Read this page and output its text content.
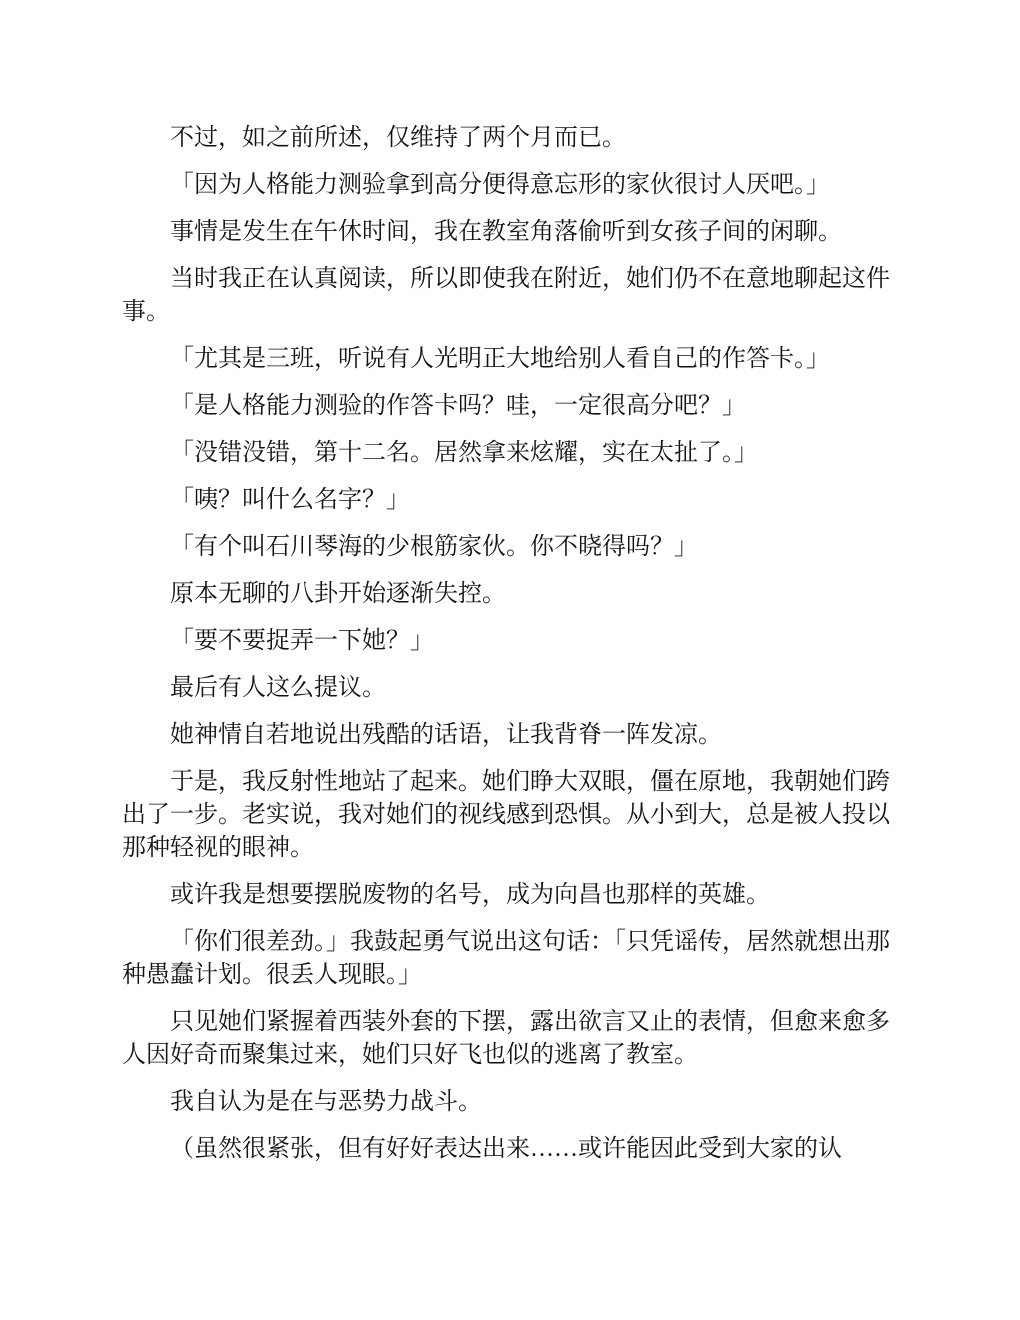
不过，如之前所述，仅维持了两个月而已。

「因为人格能力测验拿到高分便得意忘形的家伙很讨人厌吧。」

事情是发生在午休时间，我在教室角落偷听到女孩子间的闲聊。

当时我正在认真阅读，所以即使我在附近，她们仍不在意地聊起这件事。

「尤其是三班，听说有人光明正大地给别人看自己的作答卡。」

「是人格能力测验的作答卡吗？哇，一定很高分吧？」

「没错没错，第十二名。居然拿来炫耀，实在太扯了。」

「咦？叫什么名字？」

「有个叫石川琴海的少根筋家伙。你不晓得吗？」

原本无聊的八卦开始逐渐失控。

「要不要捉弄一下她？」

最后有人这么提议。

她神情自若地说出残酷的话语，让我背脊一阵发凉。

于是，我反射性地站了起来。她们睁大双眼，僵在原地，我朝她们跨出了一步。老实说，我对她们的视线感到恐惧。从小到大，总是被人投以那种轻视的眼神。

或许我是想要摆脱废物的名号，成为向昌也那样的英雄。

「你们很差劲。」我鼓起勇气说出这句话：「只凭谣传，居然就想出那种愚蠢计划。很丢人现眼。」

只见她们紧握着西装外套的下摆，露出欲言又止的表情，但愈来愈多人因好奇而聚集过来，她们只好飞也似的逃离了教室。

我自认为是在与恶势力战斗。

（虽然很紧张，但有好好表达出来……或许能因此受到大家的认
